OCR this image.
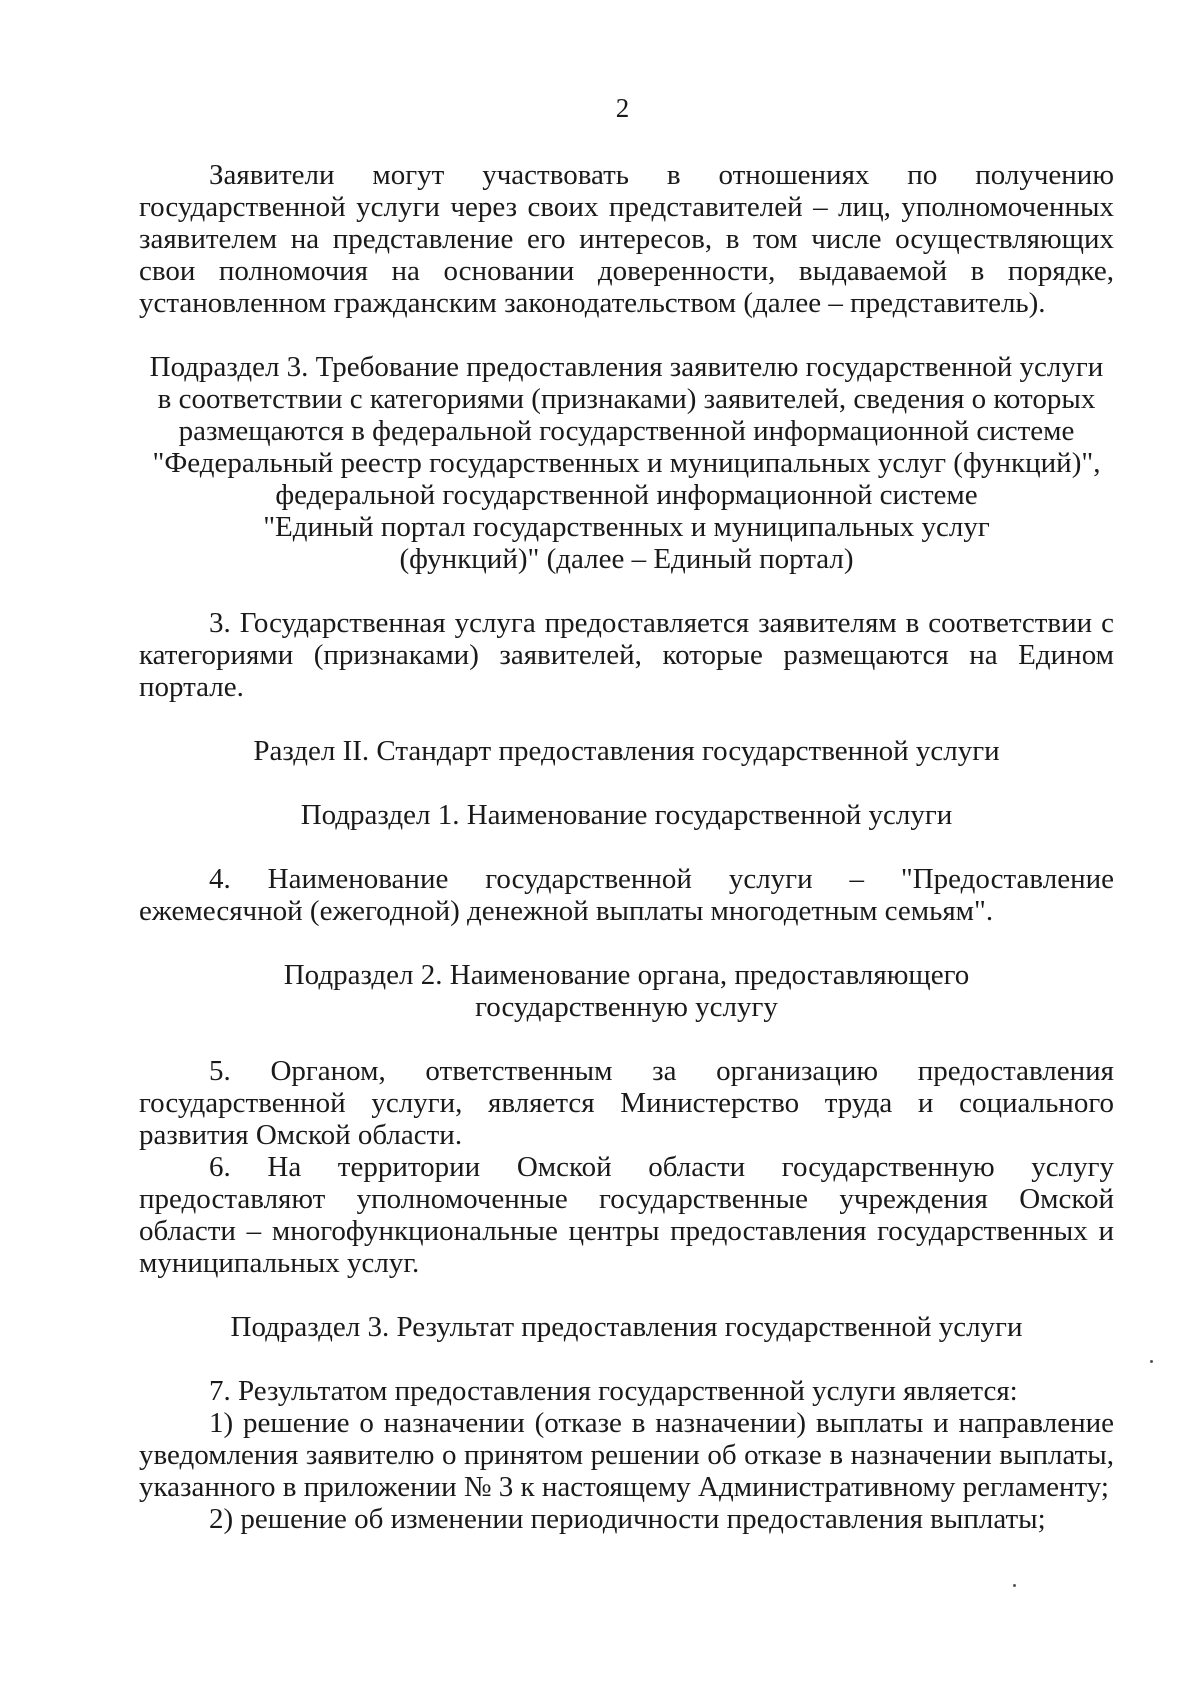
2

Заявители могут участвовать в отношениях по получению государственной услуги через своих представителей – лиц, уполномоченных заявителем на представление его интересов, в том числе осуществляющих свои полномочия на основании доверенности, выдаваемой в порядке, установленном гражданским законодательством (далее – представитель).

Подраздел 3. Требование предоставления заявителю государственной услуги
в соответствии с категориями (признаками) заявителей, сведения о которых
размещаются в федеральной государственной информационной системе
"Федеральный реестр государственных и муниципальных услуг (функций)",
федеральной государственной информационной системе
"Единый портал государственных и муниципальных услуг
(функций)" (далее – Единый портал)

3. Государственная услуга предоставляется заявителям в соответствии с категориями (признаками) заявителей, которые размещаются на Едином портале.

Раздел II. Стандарт предоставления государственной услуги
Подраздел 1. Наименование государственной услуги

4. Наименование государственной услуги – "Предоставление ежемесячной (ежегодной) денежной выплаты многодетным семьям".

Подраздел 2. Наименование органа, предоставляющего
государственную услугу

5. Органом, ответственным за организацию предоставления государственной услуги, является Министерство труда и социального развития Омской области.

6. На территории Омской области государственную услугу предоставляют уполномоченные государственные учреждения Омской области – многофункциональные центры предоставления государственных и муниципальных услуг.

Подраздел 3. Результат предоставления государственной услуги

7. Результатом предоставления государственной услуги является:

1) решение о назначении (отказе в назначении) выплаты и направление уведомления заявителю о принятом решении об отказе в назначении выплаты, указанного в приложении № 3 к настоящему Административному регламенту;

2) решение об изменении периодичности предоставления выплаты;
